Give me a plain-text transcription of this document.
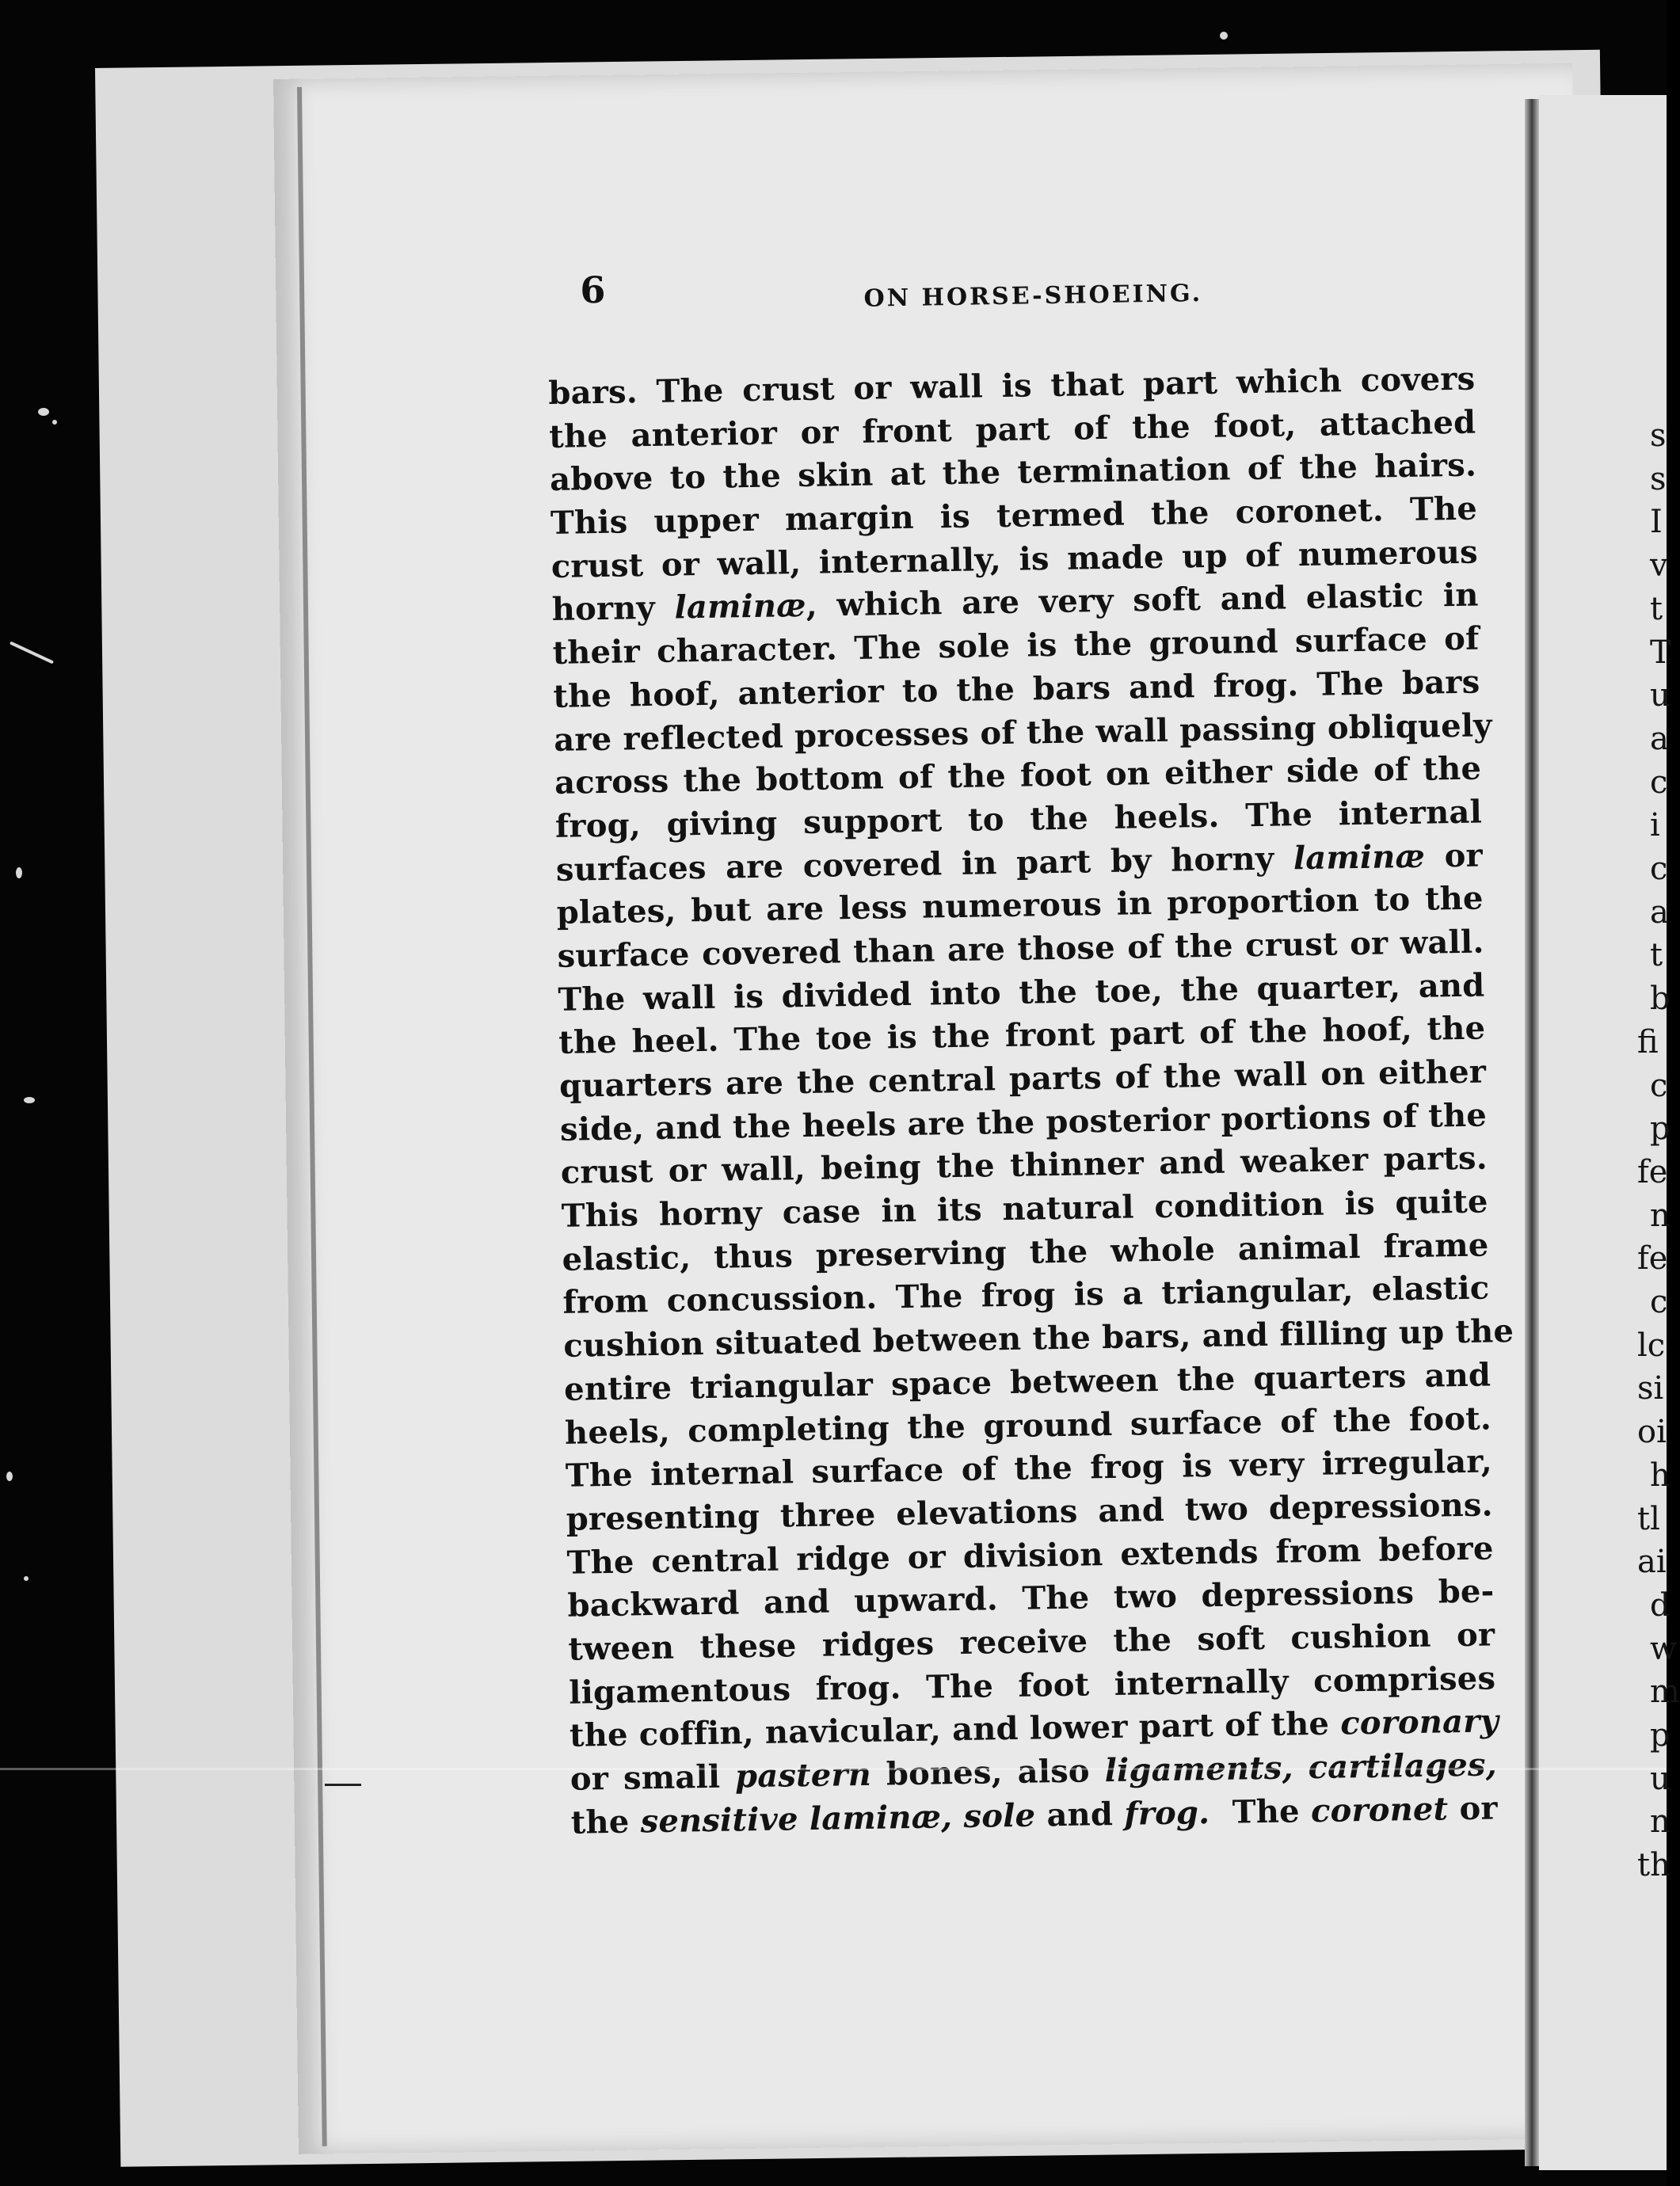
s
s
I
v
t
T
u
a
c
i
c
a
t
b
fi
c
p
fe
n
fe
c
lc
si
oi
h
tl
ai
d
w
m
p
u
n
th
6	ON HORSE-SHOEING.
bars. The crust or wall is that part which covers
the anterior or front part of the foot, attached
above to the skin at the termination of the hairs.
This upper margin is termed the coronet. The
crust or wall, internally, is made up of numerous
horny laminæ, which are very soft and elastic in
their character. The sole is the ground surface of
the hoof, anterior to the bars and frog. The bars
are reflected processes of the wall passing obliquely
across the bottom of the foot on either side of the
frog, giving support to the heels. The internal
surfaces are covered in part by horny laminæ or
plates, but are less numerous in proportion to the
surface covered than are those of the crust or wall.
The wall is divided into the toe, the quarter, and
the heel. The toe is the front part of the hoof, the
quarters are the central parts of the wall on either
side, and the heels are the posterior portions of the
crust or wall, being the thinner and weaker parts.
This horny case in its natural condition is quite
elastic, thus preserving the whole animal frame
from concussion. The frog is a triangular, elastic
cushion situated between the bars, and filling up the
entire triangular space between the quarters and
heels, completing the ground surface of the foot.
The internal surface of the frog is very irregular,
presenting three elevations and two depressions.
The central ridge or division extends from before
backward and upward. The two depressions be-
tween these ridges receive the soft cushion or
ligamentous frog. The foot internally comprises
the coffin, navicular, and lower part of the coronary
or small pastern bones, also ligaments, cartilages,
the sensitive laminæ, sole and frog.  The coronet or
